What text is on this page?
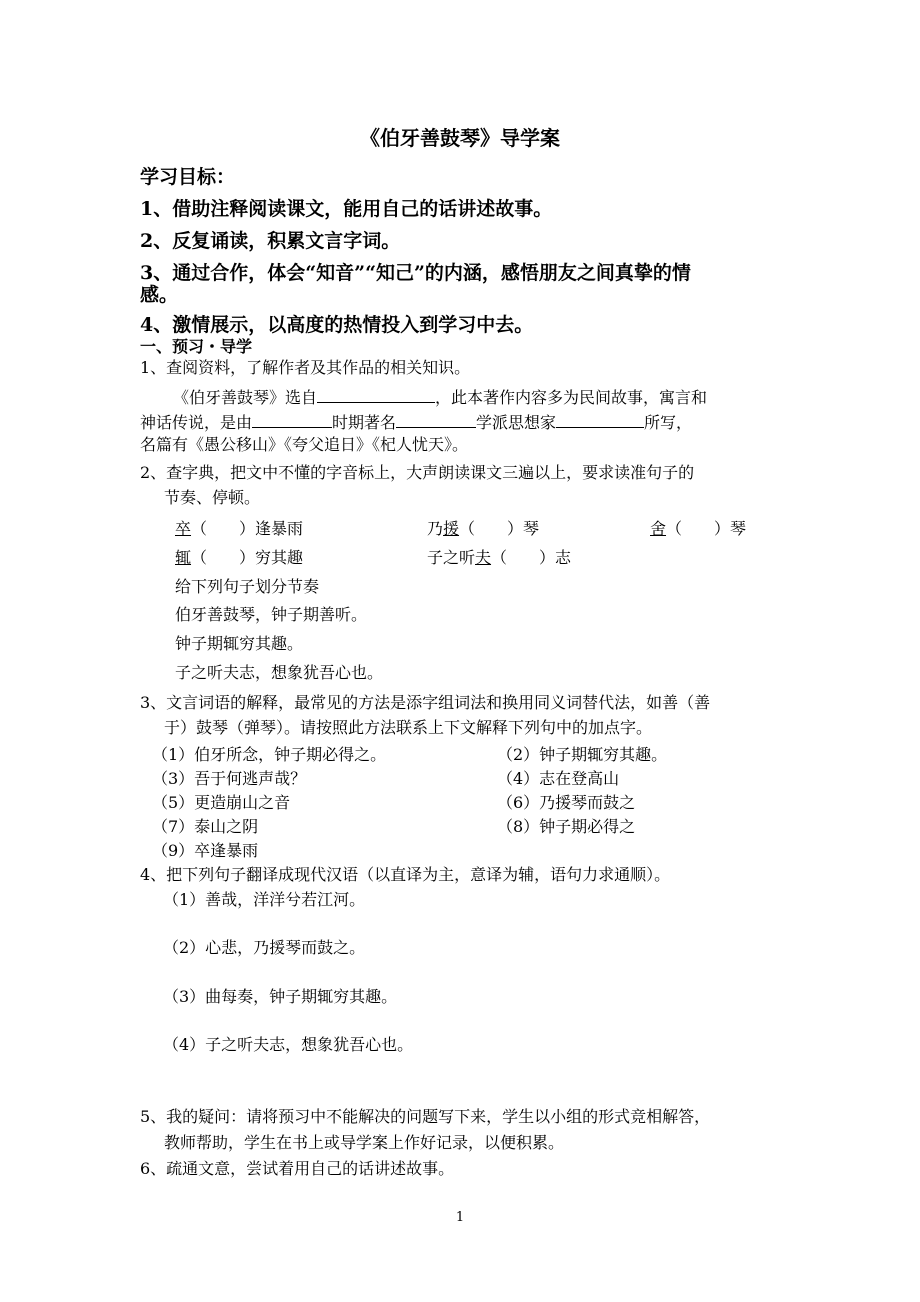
《伯牙善鼓琴》导学案
学习目标：
1、借助注释阅读课文，能用自己的话讲述故事。
2、反复诵读，积累文言字词。
3、通过合作，体会“知音”“知己”的内涵，感悟朋友之间真挚的情
感。
4、激情展示，以高度的热情投入到学习中去。
一、预习・导学
1、查阅资料，了解作者及其作品的相关知识。
《伯牙善鼓琴》选自	，此本著作内容多为民间故事，寓言和
神话传说，是由	时期著名	学派思想家	所写，
名篇有《愚公移山》《夸父追日》《杞人忧天》。
2、查字典，把文中不懂的字音标上，大声朗读课文三遍以上，要求读准句子的
节奏、停顿。
卒（　　）逢暴雨	乃援（　　）琴	舍（　　）琴
辄（　　）穷其趣	子之听夫（　　）志
给下列句子划分节奏
伯牙善鼓琴，钟子期善听。
钟子期辄穷其趣。
子之听夫志，想象犹吾心也。
3、文言词语的解释，最常见的方法是添字组词法和换用同义词替代法，如善（善
于）鼓琴（弹琴）。请按照此方法联系上下文解释下列句中的加点字。
（1）伯牙所念，钟子期必得之。	（2）钟子期辄穷其趣。
（3）吾于何逃声哉？	（4）志在登高山
（5）更造崩山之音	（6）乃援琴而鼓之
（7）泰山之阴	（8）钟子期必得之
（9）卒逢暴雨
4、把下列句子翻译成现代汉语（以直译为主，意译为辅，语句力求通顺）。
（1）善哉，洋洋兮若江河。
（2）心悲，乃援琴而鼓之。
（3）曲每奏，钟子期辄穷其趣。
（4）子之听夫志，想象犹吾心也。
5、我的疑问：请将预习中不能解决的问题写下来，学生以小组的形式竞相解答，
教师帮助，学生在书上或导学案上作好记录，以便积累。
6、疏通文意，尝试着用自己的话讲述故事。
1
